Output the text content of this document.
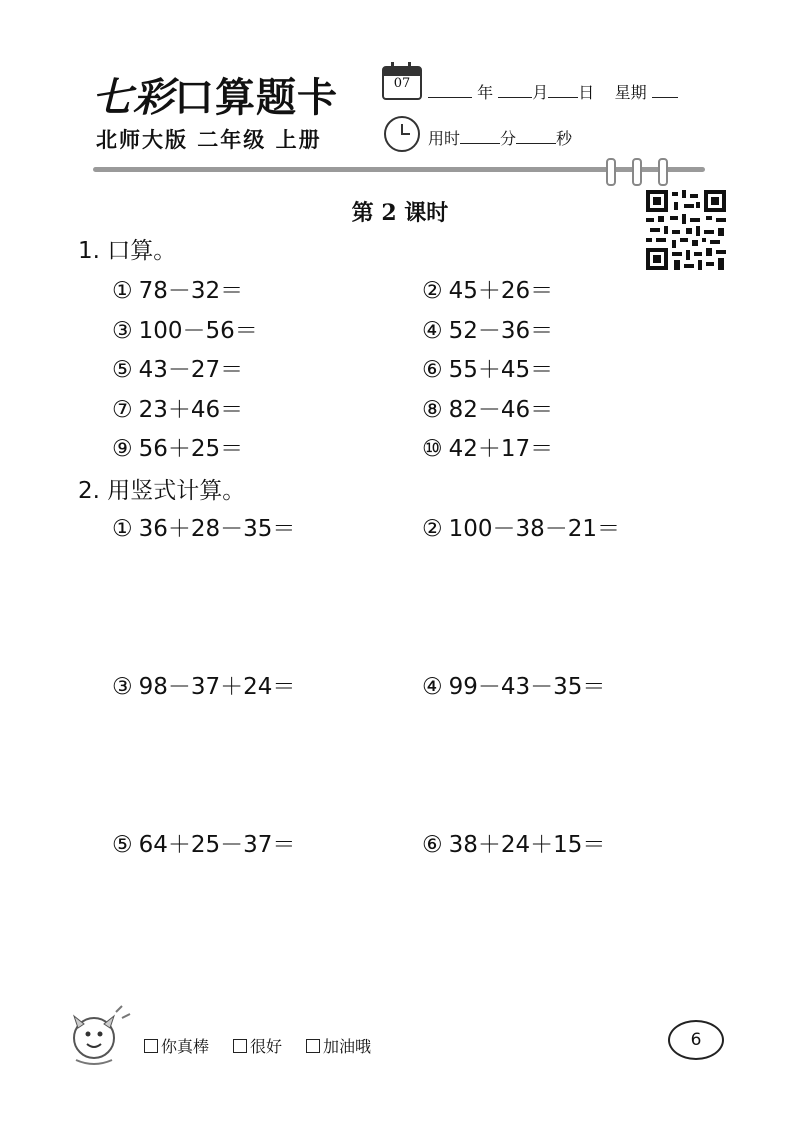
七彩口算题卡
北师大版 二年级 上册
07	年 月 日 星期
用时	分	秒
第 2 课时
1. 口算。
① 78－32＝	② 45＋26＝
③ 100－56＝	④ 52－36＝
⑤ 43－27＝	⑥ 55＋45＝
⑦ 23＋46＝	⑧ 82－46＝
⑨ 56＋25＝	⑩ 42＋17＝
2. 用竖式计算。
① 36＋28－35＝	② 100－38－21＝
③ 98－37＋24＝	④ 99－43－35＝
⑤ 64＋25－37＝	⑥ 38＋24＋15＝
你真棒	很好	加油哦	6
